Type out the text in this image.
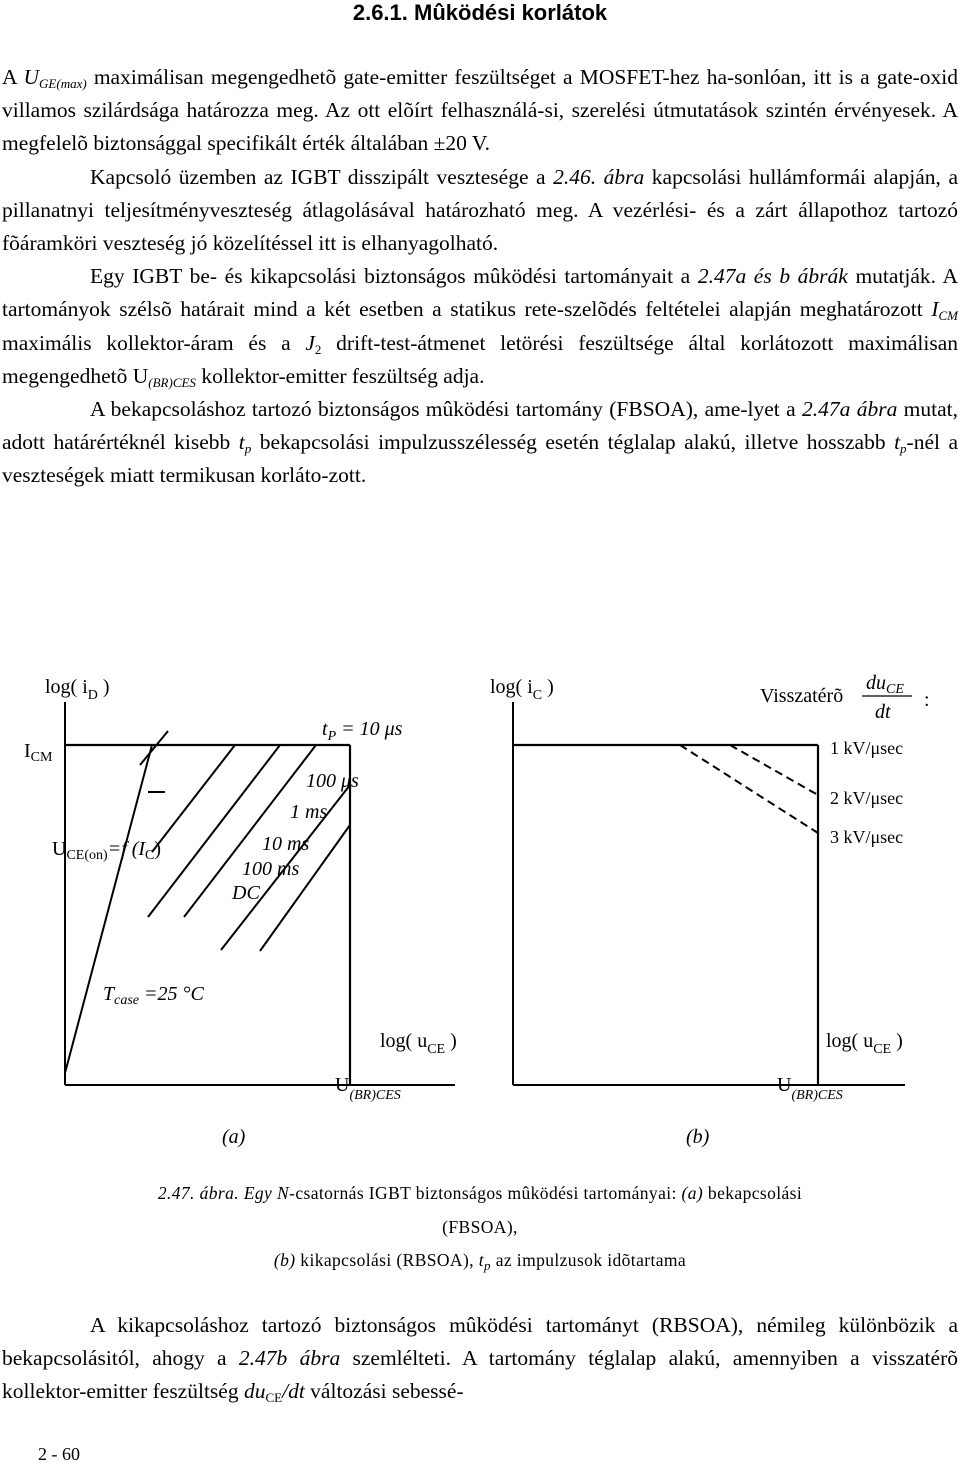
2.6.1. Mûködési korlátok

A $U_{GE(max)}$ maximálisan megengedhetõ gate-emitter feszültséget a MOSFET-hez ha-sonlóan, itt is a gate-oxid villamos szilárdsága határozza meg. Az ott elõírt felhasználá-si, szerelési útmutatások szintén érvényesek. A megfelelõ biztonsággal specifikált érték általában ±20 V.

Kapcsoló üzemben az IGBT disszipált vesztesége a 2.46. ábra kapcsolási hullámformái alapján, a pillanatnyi teljesítményveszteség átlagolásával határozható meg. A vezérlési- és a zárt állapothoz tartozó fõáramköri veszteség jó közelítéssel itt is elhanyagolható.

Egy IGBT be- és kikapcsolási biztonságos mûködési tartományait a 2.47a és b ábrák mutatják. A tartományok szélsõ határait mind a két esetben a statikus rete-szelõdés feltételei alapján meghatározott $I_{CM}$ maximális kollektor-áram és a $J_2$ drift-test-átmenet letörési feszültsége által korlátozott maximálisan megengedhetõ $U_{(BR)CES}$ kollektor-emitter feszültség adja.

A bekapcsoláshoz tartozó biztonságos mûködési tartomány (FBSOA), ame-lyet a 2.47a ábra mutat, adott határértéknél kisebb $t_p$ bekapcsolási impulzusszélesség esetén téglalap alakú, illetve hosszabb $t_p$-nél a veszteségek miatt termikusan korláto-zott.

log( $i_D$ )
$I_{CM}$
$t_P = 10$ μs
100 μs
1 ms
10 ms
100 ms
DC
$U_{CE(on)}=f$ $(I_C)$
$T_{case} =25$ °C
log( $u_{CE}$ )
$U_{(BR)CES}$
(a)
log( $i_C$ )	Visszatérõ
$du_{CE}$
dt
:
1 kV/μsec
2 kV/μsec
3 kV/μsec
log( $u_{CE}$ )
$U_{(BR)CES}$
(b)
2.47. ábra. Egy N-csatornás IGBT biztonságos mûködési tartományai: (a) bekapcsolási
(FBSOA),
(b) kikapcsolási (RBSOA), $t_p$ az impulzusok idõtartama

A kikapcsoláshoz tartozó biztonságos mûködési tartományt (RBSOA), némileg különbözik a bekapcsolásitól, ahogy a 2.47b ábra szemlélteti. A tartomány téglalap alakú, amennyiben a visszatérõ kollektor-emitter feszültség $du_{CE}/dt$ változási sebessé-

2 - 60
